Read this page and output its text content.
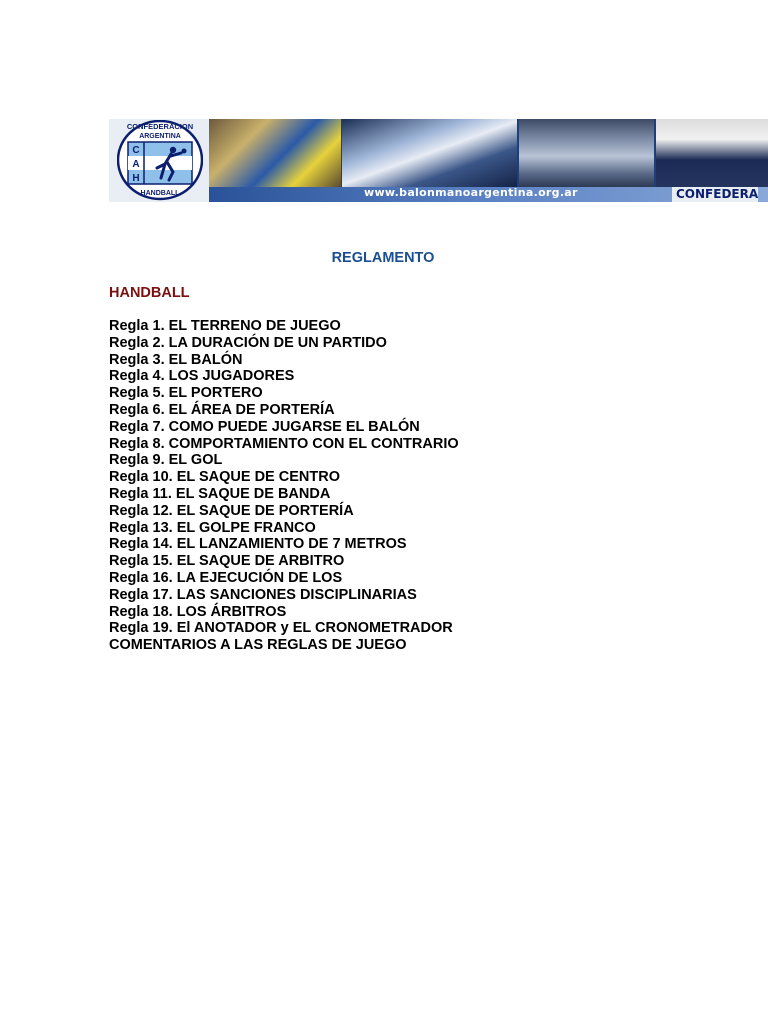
CONFEDERACION
ARGENTINA
C
A
H
HANDBALL	www.balonmanoargentina.org.ar	CONFEDERA
REGLAMENTO
HANDBALL
Regla 1. EL TERRENO DE JUEGO
Regla 2. LA DURACIÓN DE UN PARTIDO
Regla 3. EL BALÓN
Regla 4. LOS JUGADORES
Regla 5. EL PORTERO
Regla 6. EL ÁREA DE PORTERÍA
Regla 7. COMO PUEDE JUGARSE EL BALÓN
Regla 8. COMPORTAMIENTO CON EL CONTRARIO
Regla 9. EL GOL
Regla 10. EL SAQUE DE CENTRO
Regla 11. EL SAQUE DE BANDA
Regla 12. EL SAQUE DE PORTERÍA
Regla 13. EL GOLPE FRANCO
Regla 14. EL LANZAMIENTO DE 7 METROS
Regla 15. EL SAQUE DE ARBITRO
Regla 16. LA EJECUCIÓN DE LOS
Regla 17. LAS SANCIONES DISCIPLINARIAS
Regla 18. LOS ÁRBITROS
Regla 19. El ANOTADOR y EL CRONOMETRADOR
COMENTARIOS A LAS REGLAS DE JUEGO
